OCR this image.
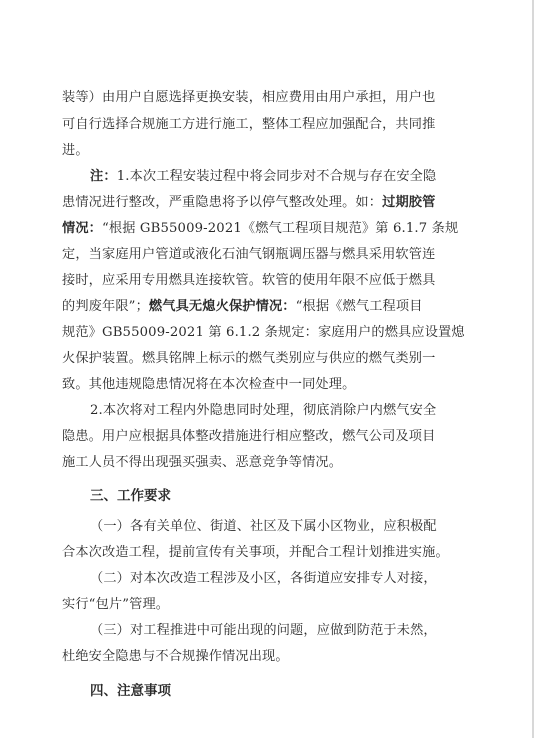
装等）由用户自愿选择更换安装，相应费用由用户承担，用户也
可自行选择合规施工方进行施工，整体工程应加强配合，共同推
进。
注：1.本次工程安装过程中将会同步对不合规与存在安全隐
患情况进行整改，严重隐患将予以停气整改处理。如：过期胶管
情况：“根据 GB55009-2021《燃气工程项目规范》第 6.1.7 条规
定，当家庭用户管道或液化石油气钢瓶调压器与燃具采用软管连
接时，应采用专用燃具连接软管。软管的使用年限不应低于燃具
的判废年限”；燃气具无熄火保护情况：“根据《燃气工程项目
规范》GB55009-2021 第 6.1.2 条规定：家庭用户的燃具应设置熄
火保护装置。燃具铭牌上标示的燃气类别应与供应的燃气类别一
致。其他违规隐患情况将在本次检查中一同处理。
2.本次将对工程内外隐患同时处理，彻底消除户内燃气安全
隐患。用户应根据具体整改措施进行相应整改，燃气公司及项目
施工人员不得出现强买强卖、恶意竞争等情况。
三、工作要求
（一）各有关单位、街道、社区及下属小区物业，应积极配
合本次改造工程，提前宣传有关事项，并配合工程计划推进实施。
（二）对本次改造工程涉及小区，各街道应安排专人对接，
实行“包片”管理。
（三）对工程推进中可能出现的问题，应做到防范于未然，
杜绝安全隐患与不合规操作情况出现。
四、注意事项
